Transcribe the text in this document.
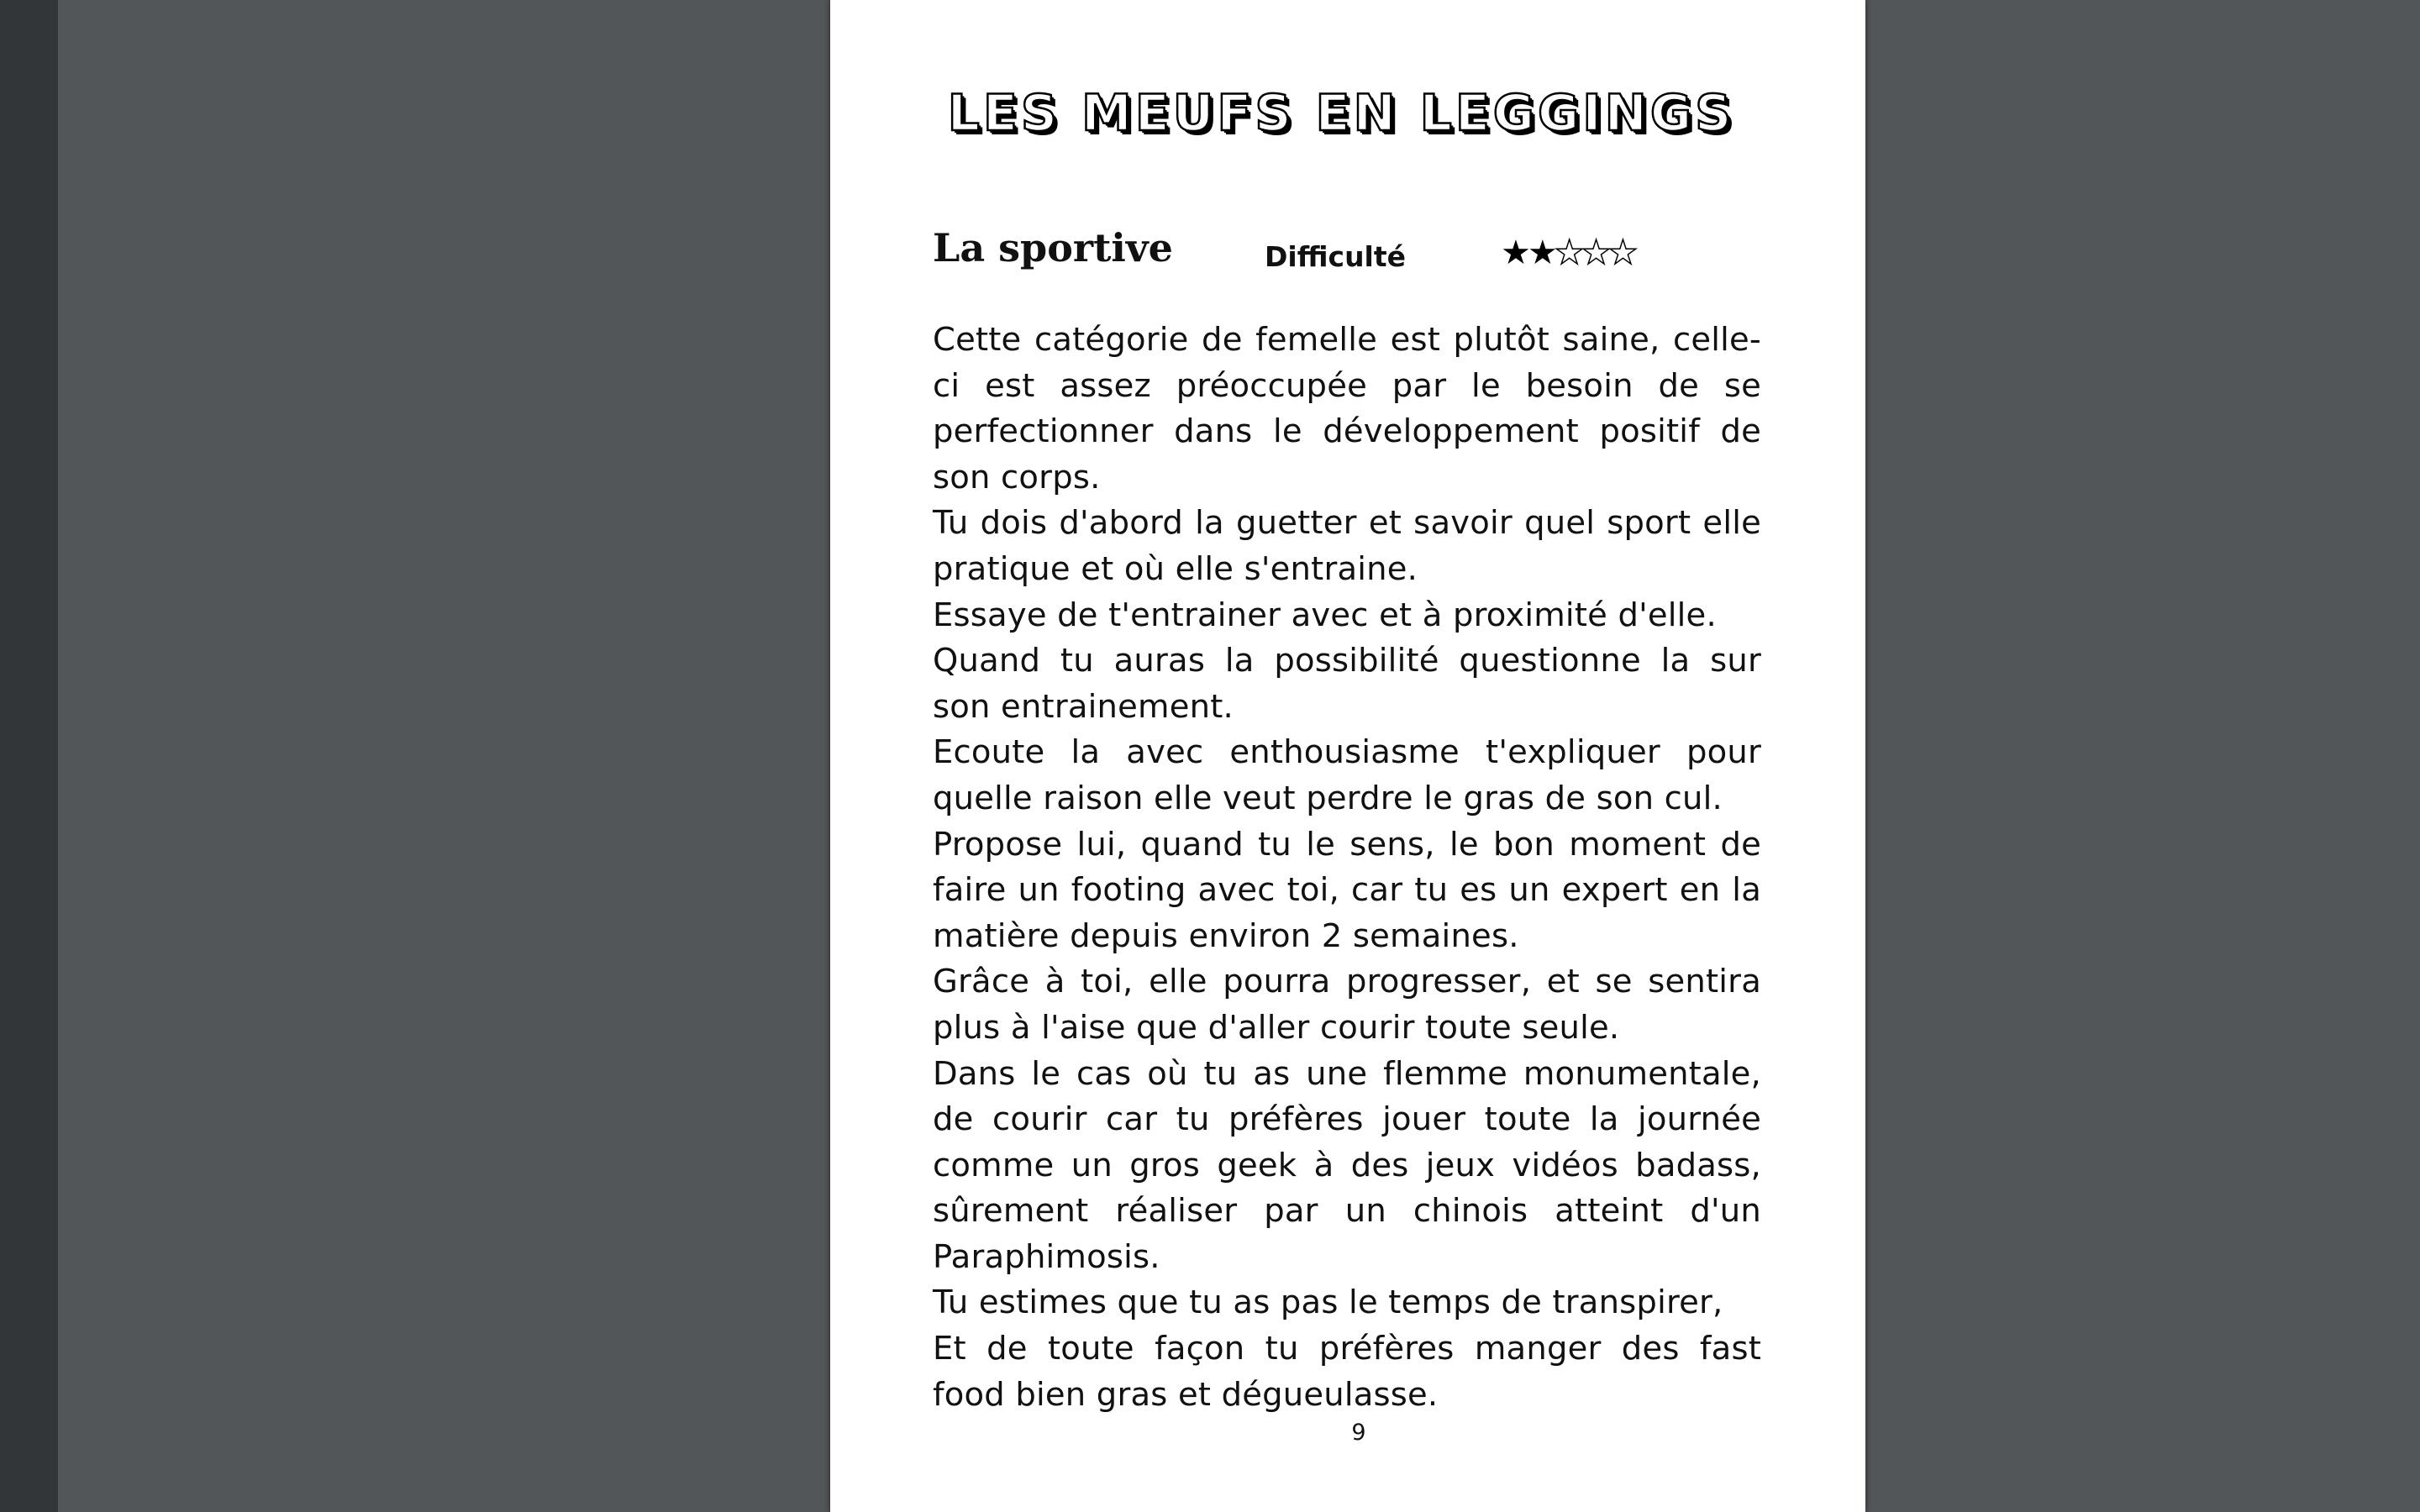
LES MEUFS EN LEGGINGS
La sportive	Difficulté	★★★★★

Cette catégorie de femelle est plutôt saine, celle-ci est assez préoccupée par le besoin de se perfectionner dans le développement positif de son corps.

Tu dois d'abord la guetter et savoir quel sport elle pratique et où elle s'entraine.

Essaye de t'entrainer avec et à proximité d'elle.

Quand tu auras la possibilité questionne la sur son entrainement.

Ecoute la avec enthousiasme t'expliquer pour quelle raison elle veut perdre le gras de son cul.

Propose lui, quand tu le sens, le bon moment de faire un footing avec toi, car tu es un expert en la matière depuis environ 2 semaines.

Grâce à toi, elle pourra progresser, et se sentira plus à l'aise que d'aller courir toute seule.

Dans le cas où tu as une flemme monumentale, de courir car tu préfères jouer toute la journée comme un gros geek à des jeux vidéos badass, sûrement réaliser par un chinois atteint d'un Paraphimosis.

Tu estimes que tu as pas le temps de transpirer,

Et de toute façon tu préfères manger des fast food bien gras et dégueulasse.

9
